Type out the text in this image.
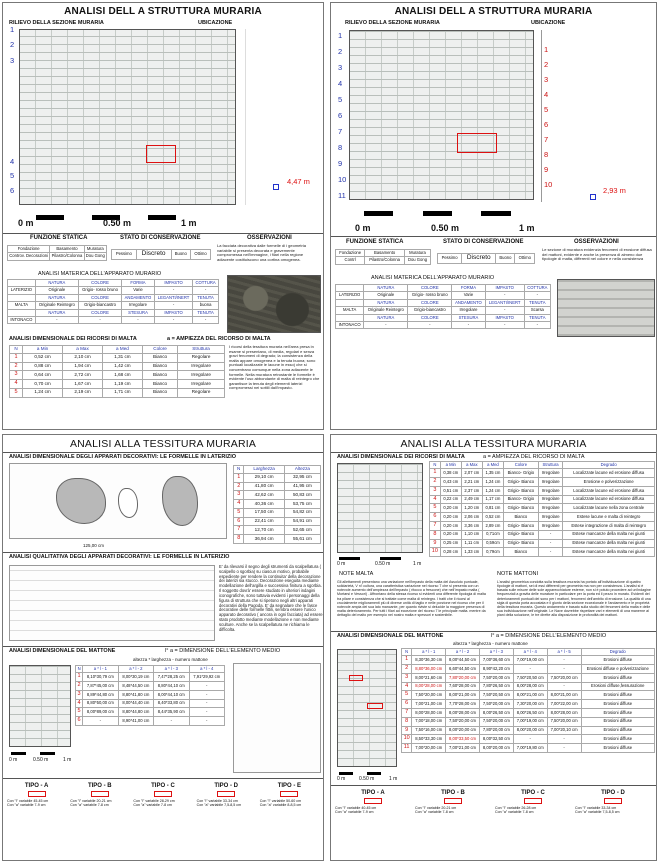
ANALISI DELL A STRUTTURA MURARIA
RILIEVO DELLA SEZIONE MURARIA	UBICAZIONE
1
2
3
4
5
6
4,47 m
0 m	0.50 m	1 m
FUNZIONE STATICA	STATO DI CONSERVAZIONE	OSSERVAZIONI
Fondazione	Basamento	Muratura
Controv. Decorazioni	Pilastro/Colonna	Dou Gong	Pessimo	Discreto	Buono	Ottimo
La facciata decorativa dalle formelle di i geometria variabile si presenta decorata e gravemente compromessa nell'immagine, i filari nella regione adiacente costituiscono una cortina omogenea.
ANALISI MATERICA DELL'APPARATO MURARIO
	NATURA	COLORE	FORMA	IMPASTO	COTTURA
LATERIZIO	Originale	Grigio- rosso bruno	Varie	-	-
	NATURA	COLORE	ANDAMENTO	LEGANTI/INERT	TENUTA
MALTA	Originale Reintegro	Grigio-biancastro	Irregolare	-	buona
	NATURA	COLORE	STESURA	IMPASTO	TENUTA
INTONACO	-	-	-	-	-
ANALISI DIMENSIONALE DEI RICORSI DI MALTA	a = AMPIEZZA DEL RICORSO DI MALTA
N	a Min	a Max	a Med	Colore	Struttura
1	0,52 cm	2,10 cm	1,31 cm	Bianco	Regolare
2	0,88 cm	1,94 cm	1,42 cm	Bianco	Irregolare
3	0,64 cm	2,72 cm	1,68 cm	Bianco	Irregolare
4	0,70 cm	1,67 cm	1,19 cm	Bianco	Irregolare
5	1,24 cm	2,19 cm	1,71 cm	Bianco	Regolare
I ricorsi della tessitura muraria nell'area presa in esame si presentano, di media, regolari e senza gravi fenomeni di degrado; la consistenza della malta appare omogenea e la tenuta buona; sono puntuali localizzate le lacune in esso) che si concentrano comunque nella zona adiacente le formelle. Nella muratura retrostante le formelle è evidente l'uso abbondante di malta di reintegro che garantisce la tenuta degli elementi laterizi compromessi nei sottili dall'impasto.
ANALISI DELL A STRUTTURA MURARIA
RILIEVO DELLA SEZIONE MURARIA	UBICAZIONE
1
2
3
4
5
6
7
8
9
10
11
1
2
3
4
5
6
7
8
9
10
2,93 m
0 m	0.50 m	1 m
FUNZIONE STATICA	STATO DI CONSERVAZIONE	OSSERVAZIONI
Fondazione	Basamento	Muratura
Contrl	Pilastro/Colonna	Dou Gong	Pessimo	Discreto	Buono	Ottimo
Le sezione di muratura evidenzia fenomeni di erosione diffusa dei mattoni, evidente e anche la presenza di almeno due tipologie di malta, differenti nel colore e nella consistenza
ANALISI MATERICA DELL'APPARATO MURARIO
	NATURA	COLORE	FORMA	IMPASTO	COTTURA
LATERIZIO	Originale	Grigio- rosso bruno	Varie	-	-
	NATURA	COLORE	ANDAMENTO	LEGANTI/INERT	TENUTA
MALTA	Originale Reintegro	Grigio-biancastro	Irregolare	-	Scarsa
	NATURA	COLORE	STESURA	IMPASTO	TENUTA
INTONACO	-	-	-	-	-
ANALISI ALLA TESSITURA MURARIA
ANALISI DIMENSIONALE DEGLI APPARATI DECORATIVI: LE FORMELLE IN LATERIZIO
125,00 cm
N	Larghezza	Altezza
1	29,10 cm	32,95 cm
2	41,80 cm	41,95 cm
3	42,62 cm	50,83 cm
4	40,36 cm	53,75 cm
5	17,50 cm	54,82 cm
6	22,41 cm	54,91 cm
7	12,70 cm	52,65 cm
8	36,94 cm	55,61 cm
ANALISI QUALITATIVA DEGLI APPARATI DECORATIVI: LE FORMELLE IN LATERIZIO
E' da rilevarsi il segno degli strumenti da scalpellatura ( scalpello o sgorbia) su ciascun motivo, probabile espediente per rendere la continuita' della decorazione dei laterizi sia stucco. Decorazione eseguita mediante modellazione dell'argilla e successiva finitura a sgorbia. Il soggetto dovrà' essere studiato in ulteriori indagini iconografiche, sono tuttavia evidenti i personaggi della figura di struttura che si ripetono negli altri apparati decorativi della Pagoda. E' da segnalare che le fasce decorative delle formelle fittili, sembra essere l'unico apparato decorativo ( ancora in ogni facciata) ad essere stato prodotto mediante modellazione e non mediante sculture. Anche se la scalpellatura ne richiama le difficolta.
ANALISI DIMENSIONALE DEL MATTONE	l° a = DIMENSIONE DELL'ELEMENTO MEDIO
altezza * larghezza - numero mattone
N	a * l - 1	a * l - 2	a * l - 3	a * l - 4
1	8,10*30,79 cm	8,00*30,19 cm	7,47*28,25 cm	7,91*29,92 cm
2	7,87*45,00 cm	8,48*44,50 cm	8,80*44,10 cm	-
3	8,89*44,80 cm	8,80*41,80 cm	8,00*44,10 cm	-
4	8,80*50,00 cm	8,00*44,40 cm	8,40*33,80 cm	-
5	8,00*89,00 cm	8,80*44,80 cm	8,44*35,90 cm	-
6	-	8,90*41,00 cm	-	-
0 m	0.50 m	1 m
TIPO - A
Con "l" variabile 45-45 cm
Con "a" variabile 7-9 cm
TIPO - B
Con "l" variabile 20-21 cm
Con "a" variabile 7-8 cm
TIPO - C
Con "l" variabile 28-29 cm
Con "a" variabile 7-8 cm
TIPO - D
Con "l" variabile 33-34 cm
Con "a" variabile 7,5-8,5 cm
TIPO - E
Con "l" variabile 50-60 cm
Con "a" variabile 8-8,5 cm
ANALISI ALLA TESSITURA MURARIA
ANALISI DIMENSIONALE DEI RICORSI DI MALTA	a = AMPIEZZA DEL RICORSO DI MALTA
0 m	0.50 m	1 m
N	a Min	a Max	a Med	Colore	Struttura	Degrado
1	0,38 cm	2,07 cm	1,35 cm	Bianco- Grigio	Irregolare	Localizzate lacune ed erosione diffusa
2	0,43 cm	2,21 cm	1,24 cm	Grigio- Bianco	Irregolare	Erosione e polverizzazione
3	0,51 cm	2,37 cm	1,24 cm	Grigio- Bianco	Irregolare	Localizzate lacune ed erosione diffusa
4	0,22 cm	2,49 cm	1,17 cm	Bianco- Grigio	Irregolare	Localizzate lacune ed erosione diffusa
5	0,20 cm	1,20 cm	0,81 cm	Grigio- Bianco	Irregolare	Localizzate lacune nella zona centrale
6	0,20 cm	2,06 cm	0,52 cm	Bianco	Irregolare	Estese lacune e malta di reintegro
7	0,20 cm	3,36 cm	2,89 cm	Grigio- Bianco	Irregolare	Estese integrazione di malta di reintegro
8	0,20 cm	1,10 cm	0,71cm	Grigio- Bianco	-	Estese mancanze della malta nei giunti
9	0,25 cm	1,11 cm	0,59cm	Grigio- Bianco	-	Estese mancanze della malta nei giunti
10	0,28 cm	1,33 cm	0,79cm	Bianco	-	Estese mancanze della malta nei giunti
NOTE MALTA	NOTE MATTONI
Gli allettamenti presentano una variazione nell'impasto della malta del Assoluto puntuale, solidarietà, V n'i cultura, una caratteristica variazione nel ricorso 7 che si presenta con un notevole aumento dell'ampiezza dell'impasto ( ritocco a frescone) che nell'impasto malta ( Mortarsi e Vessori) . Affrontano della stessa ricorso si evidenti una differente tipologia di malta tra pilare e consistenza che si trattate come malta di reintegro. I tratti che il ricorsi al crucialmente miglioramenti più di diverse unità di taglio e nelle porzione nel ricorso che per il notevole ampia dei sua lato mancante, per quanto riviste si delucide la maggiore presenza di malta deterioramento. Per tutti i filari ad eccezione del ricorso 7 le principale malta. mentre da dettaglio del malto per esempio nel nostro malta e spessori e sostenibile.
L'analisi geometrica condotta sulla tessitura muraria ha portato all'individuazione di quattro tipologie di mattoni, sei di essi differenti per geometria ma non per consistenza. L'analisi si è basata sulle misure delle sole apparecchiature esterne, non si è potuto procedere ad un'indagine frequenziali a gravita delle murature in particolare per la porta ed il pezzo in murato. Evidenti dei deterioramenti puntuali dei sono per i mattoni, fenomeni dell'ambito di erosione. La qualità di una sigla di questa porta accostata e il giunto della sezione eccezionale è l'andamento e le proprietà della tessitura muraria. Questo andamento e basato sulla studio dei fenomeni della malta e delle sua individuazione nell'originale. Le Nave dovrebbe rispettare vari e elementi di una manerne ai piani della soluzione, le tre dirette alla disposizione le profondità dei mattoni.
ANALISI DIMENSIONALE DEL MATTONE	l° a = DIMENSIONE DELL'ELEMENTO MEDIO
altezza * larghezza - numero mattone
N	a * l - 1	a * l - 2	a * l - 3	a * l - 4	a * l - 5	Degrado
1	8,30*36,30 cm	8,00*44,50 cm	7,00*36,60 cm	7,00*19,00 cm	-	Erosioni diffuse
2	8,80*36,00 cm	6,60*44,50 cm	8,90*42,20 cm	-	-	Erosioni diffuse e polverizzazione
3	8,00*21,60 cm	7,80*20,00 cm	7,50*20,00 cm	7,50*20,50 cm	7,50*20,00 cm	Erosioni diffuse
4	8,00*28,00 cm	7,60*28,00 cm	7,80*26,50 cm	8,00*28,00 cm	-	Erosioni diffuse,fessurazione
5	7,50*20,00 cm	8,00*21,00 cm	7,50*20,50 cm	8,00*21,00 cm	8,00*21,00 cm	Erosioni diffuse
6	7,00*21,00 cm	7,70*28,00 cm	7,50*20,00 cm	7,30*20,00 cm	7,00*22,00 cm	Erosioni diffuse
7	8,00*28,00 cm	8,00*28,00 cm	8,00*26,50 cm	8,00*26,50 cm	8,00*28,00 cm	Erosioni diffuse
8	7,00*18,00 cm	7,50*20,00 cm	7,50*20,00 cm	7,00*19,00 cm	7,50*20,00 cm	Erosioni diffuse
9	7,50*16,00 cm	8,00*20,00 cm	7,80*20,00 cm	8,00*20,00 cm	7,00*20,10 cm	Erosioni diffuse
10	8,50*33,30 cm	8,00*33,50 cm	8,00*32,50 cm	-	-	Erosioni diffuse
11	7,00*20,00 cm	7,00*21,00 cm	8,00*20,00 cm	7,00*19,80 cm	-	Erosioni diffuse
0 m	0.50 m	1 m
TIPO - A
Con "l" variabile 40-45 cm
Con "a" variabile 7-9 cm
TIPO - B
Con "l" variabile 20-21 cm
Con "a" variabile 7-8 cm
TIPO - C
Con "l" variabile 26-28 cm
Con "a" variabile 7-8 cm
TIPO - D
Con "l" variabile 33-34 cm
Con "a" variabile 7,5-8,5 cm
